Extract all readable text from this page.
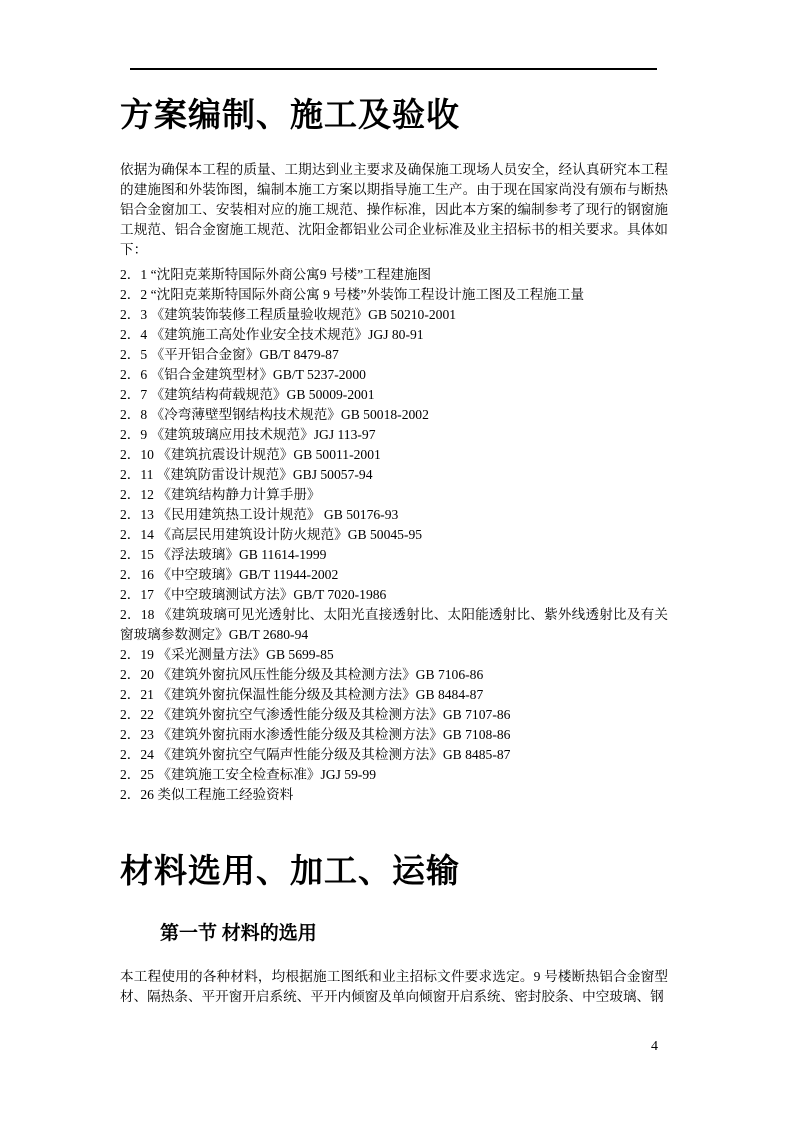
方案编制、施工及验收

依据为确保本工程的质量、工期达到业主要求及确保施工现场人员安全，经认真研究本工程的建施图和外装饰图，编制本施工方案以期指导施工生产。由于现在国家尚没有颁布与断热铝合金窗加工、安装相对应的施工规范、操作标准，因此本方案的编制参考了现行的钢窗施工规范、铝合金窗施工规范、沈阳金都铝业公司企业标准及业主招标书的相关要求。具体如下：

2．1 “沈阳克莱斯特国际外商公寓9 号楼”工程建施图

2．2 “沈阳克莱斯特国际外商公寓 9 号楼”外装饰工程设计施工图及工程施工量

2．3 《建筑装饰装修工程质量验收规范》GB 50210-2001

2．4 《建筑施工高处作业安全技术规范》JGJ 80-91

2．5 《平开铝合金窗》GB/T 8479-87

2．6 《铝合金建筑型材》GB/T 5237-2000

2．7 《建筑结构荷载规范》GB 50009-2001

2．8 《冷弯薄壁型钢结构技术规范》GB 50018-2002

2．9 《建筑玻璃应用技术规范》JGJ 113-97

2．10 《建筑抗震设计规范》GB 50011-2001

2．11 《建筑防雷设计规范》GBJ 50057-94

2．12 《建筑结构静力计算手册》

2．13 《民用建筑热工设计规范》 GB 50176-93

2．14 《高层民用建筑设计防火规范》GB 50045-95

2．15 《浮法玻璃》GB 11614-1999

2．16 《中空玻璃》GB/T 11944-2002

2．17 《中空玻璃测试方法》GB/T 7020-1986

2．18 《建筑玻璃可见光透射比、太阳光直接透射比、太阳能透射比、紫外线透射比及有关窗玻璃参数测定》GB/T 2680-94

2．19 《采光测量方法》GB 5699-85

2．20 《建筑外窗抗风压性能分级及其检测方法》GB 7106-86

2．21 《建筑外窗抗保温性能分级及其检测方法》GB 8484-87

2．22 《建筑外窗抗空气渗透性能分级及其检测方法》GB 7107-86

2．23 《建筑外窗抗雨水渗透性能分级及其检测方法》GB 7108-86

2．24 《建筑外窗抗空气隔声性能分级及其检测方法》GB 8485-87

2．25 《建筑施工安全检查标准》JGJ 59-99

2．26 类似工程施工经验资料

材料选用、加工、运输
第一节 材料的选用

本工程使用的各种材料，均根据施工图纸和业主招标文件要求选定。9 号楼断热铝合金窗型材、隔热条、平开窗开启系统、平开内倾窗及单向倾窗开启系统、密封胶条、中空玻璃、钢

4
